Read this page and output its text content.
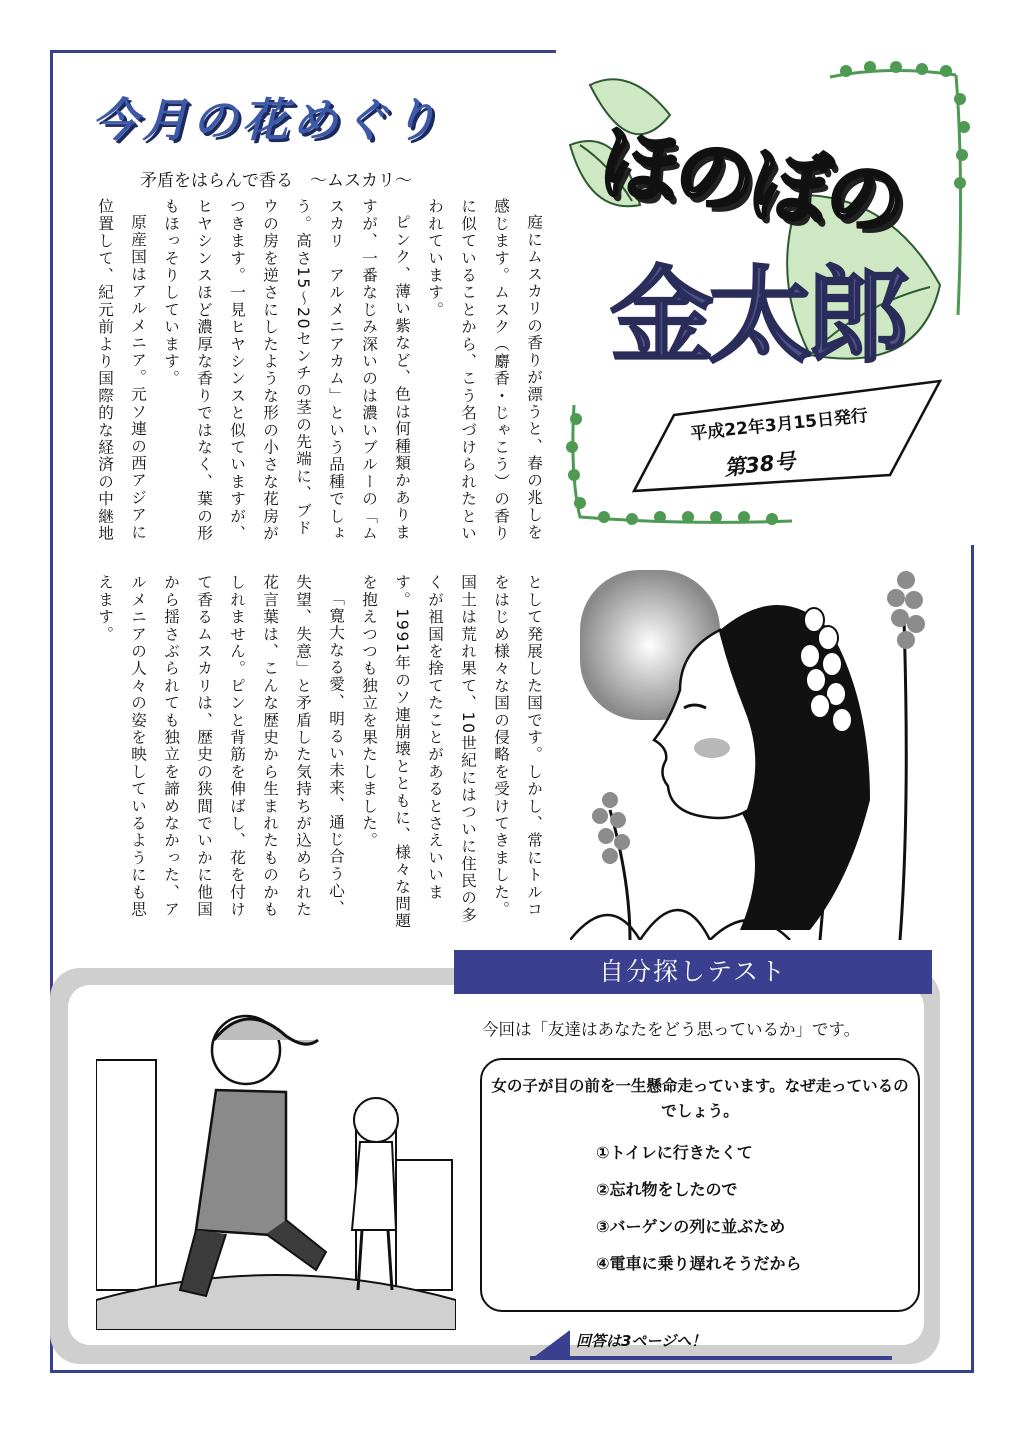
今月の花めぐり
矛盾をはらんで香る　～ムスカリ～

庭にムスカリの香りが漂うと、春の兆しを感じます。ムスク（麝香・じゃこう）の香りに似ていることから、こう名づけられたといわれています。

ピンク、薄い紫など、色は何種類かありますが、一番なじみ深いのは濃いブルーの「ムスカリ　アルメニアカム」という品種でしょう。高さ15～20センチの茎の先端に、ブドウの房を逆さにしたような形の小さな花房がつきます。一見ヒヤシンスと似ていますが、ヒヤシンスほど濃厚な香りではなく、葉の形もほっそりしています。

原産国はアルメニア。元ソ連の西アジアに位置して、紀元前より国際的な経済の中継地

として発展した国です。しかし、常にトルコをはじめ様々な国の侵略を受けてきました。国土は荒れ果て、10世紀にはついに住民の多くが祖国を捨てたことがあるとさえいいます。1991年のソ連崩壊とともに、様々な問題を抱えつつも独立を果たしました。

「寛大なる愛、明るい未来、通じ合う心、失望、失意」と矛盾した気持ちが込められた花言葉は、こんな歴史から生まれたものかもしれません。ピンと背筋を伸ばし、花を付けて香るムスカリは、歴史の狭間でいかに他国から揺さぶられても独立を諦めなかった、アルメニアの人々の姿を映しているようにも思えます。

ほのぼの
金太郎
平成22年3月15日発行
第38号
自分探しテスト
今回は「友達はあなたをどう思っているか」です。
女の子が目の前を一生懸命走っています。なぜ走っているのでしょう。
①トイレに行きたくて
②忘れ物をしたので
③バーゲンの列に並ぶため
④電車に乗り遅れそうだから
回答は3ページへ！
